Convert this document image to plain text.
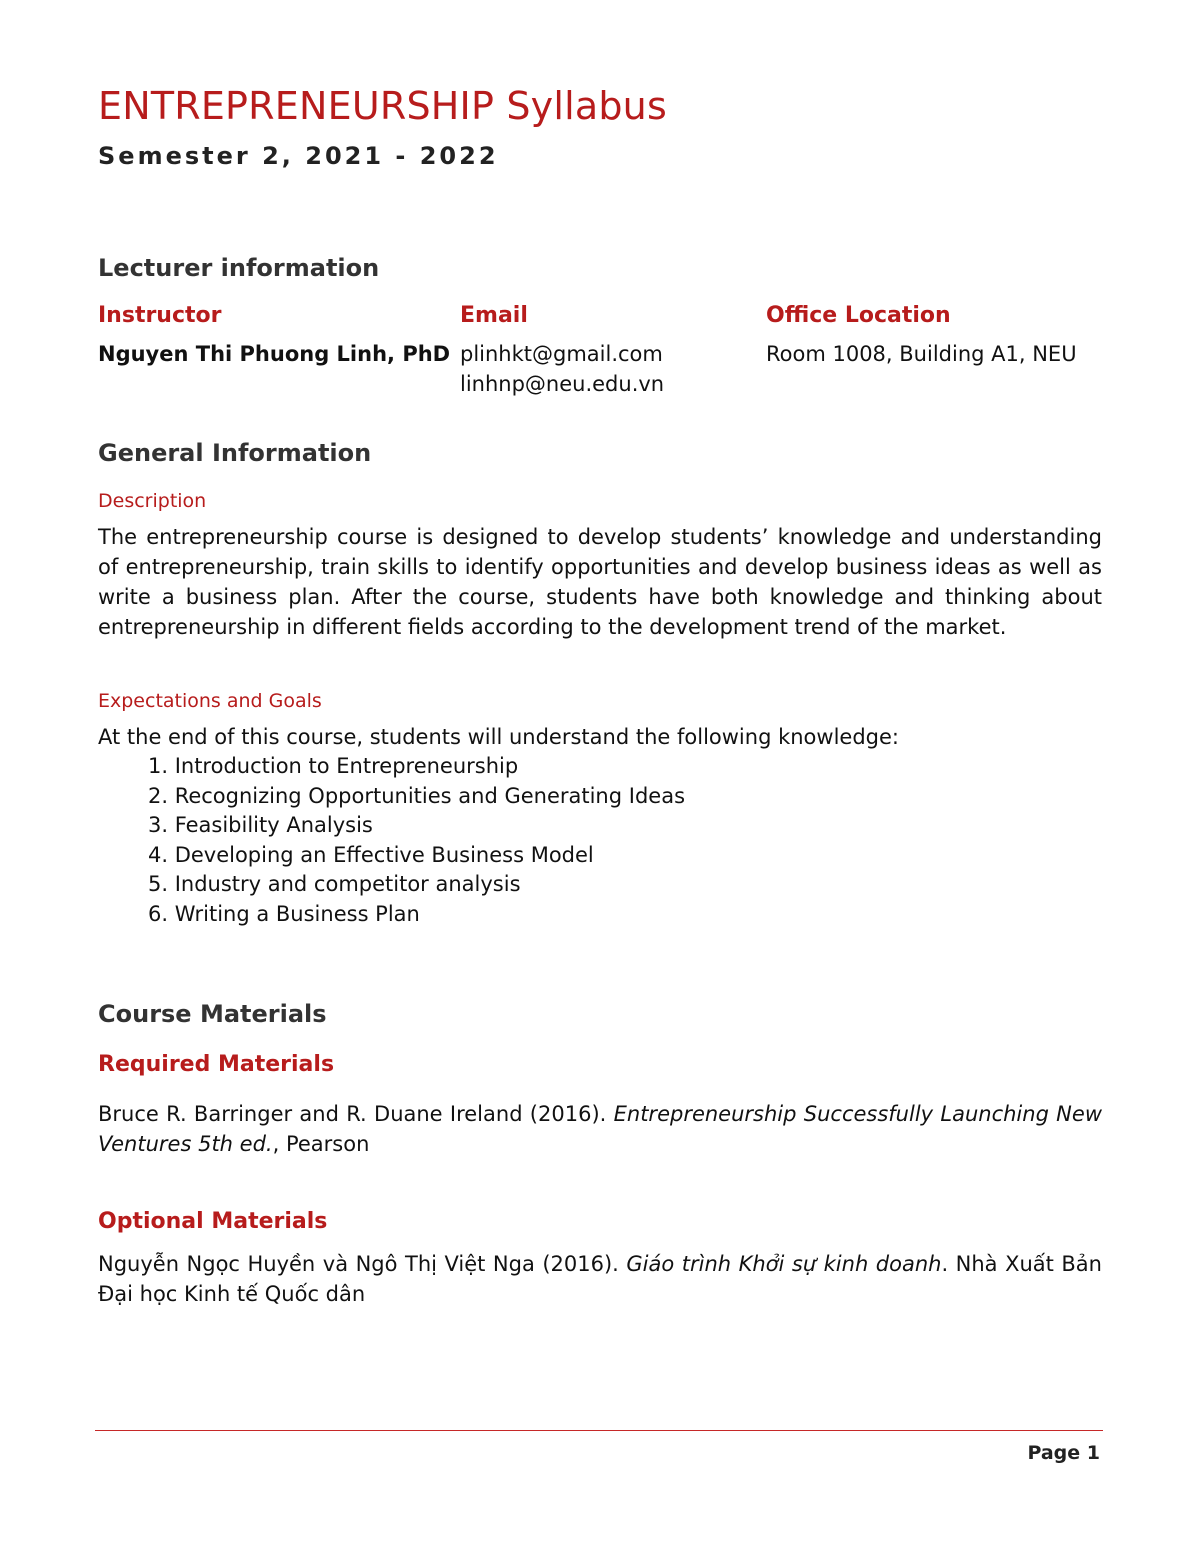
ENTREPRENEURSHIP Syllabus
Semester 2, 2021 - 2022
Lecturer information
Instructor	Email	Office Location
Nguyen Thi Phuong Linh, PhD plinhkt@gmail.com
linhnp@neu.edu.vn
Room 1008, Building A1, NEU
General Information
Description
The entrepreneurship course is designed to develop students’ knowledge and understanding of entrepreneurship, train skills to identify opportunities and develop business ideas as well as write a business plan. After the course, students have both knowledge and thinking about entrepreneurship in different fields according to the development trend of the market.
Expectations and Goals
At the end of this course, students will understand the following knowledge:
1. Introduction to Entrepreneurship
2. Recognizing Opportunities and Generating Ideas
3. Feasibility Analysis
4. Developing an Effective Business Model
5. Industry and competitor analysis
6. Writing a Business Plan
Course Materials
Required Materials
Bruce R. Barringer and R. Duane Ireland (2016). Entrepreneurship Successfully Launching New Ventures 5th ed., Pearson
Optional Materials
Nguyễn Ngọc Huyền và Ngô Thị Việt Nga (2016). Giáo trình Khởi sự kinh doanh. Nhà Xuất Bản Đại học Kinh tế Quốc dân
Page 1
